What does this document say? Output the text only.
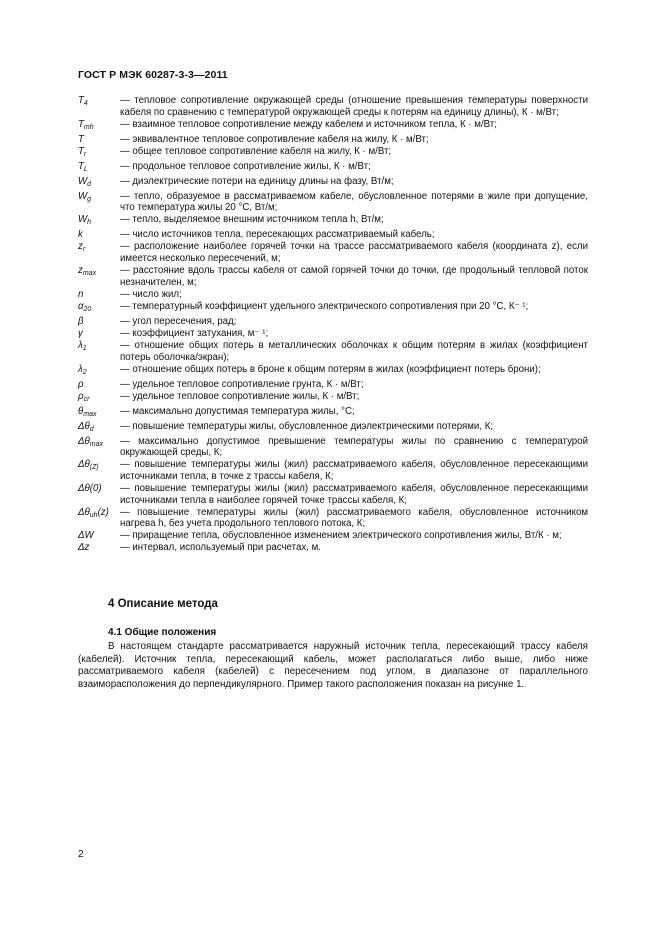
ГОСТ Р МЭК 60287-3-3—2011
$T_4$	— тепловое сопротивление окружающей среды (отношение превышения температуры поверхности кабеля по сравнению с температурой окружающей среды к потерям на единицу длины), К · м/Вт;
$T_{mh}$	— взаимное тепловое сопротивление между кабелем и источником тепла, К · м/Вт;
T	— эквивалентное тепловое сопротивление кабеля на жилу, К · м/Вт;
$T_r$	— общее тепловое сопротивление кабеля на жилу, К · м/Вт;
$T_L$	— продольное тепловое сопротивление жилы, К · м/Вт;
$W_d$	— диэлектрические потери на единицу длины на фазу, Вт/м;
$W_g$	— тепло, образуемое в рассматриваемом кабеле, обусловленное потерями в жиле при допущение, что температура жилы 20 °С, Вт/м;
$W_h$	— тепло, выделяемое внешним источником тепла h, Вт/м;
k	— число источников тепла, пересекающих рассматриваемый кабель;
$z_r$	— расположение наиболее горячей точки на трассе рассматриваемого кабеля (координата z), если имеется несколько пересечений, м;
$z_{max}$	— расстояние вдоль трассы кабеля от самой горячей точки до точки, где продольный тепловой поток незначителен, м;
n	— число жил;
$\alpha_{20}$	— температурный коэффициент удельного электрического сопротивления при 20 °С, К⁻ ¹;
β	— угол пересечения, рад;
γ	— коэффициент затухания, м⁻ ¹;
$\lambda_1$	— отношение общих потерь в металлических оболочках к общим потерям в жилах (коэффициент потерь оболочка/экран);
$\lambda_2$	— отношение общих потерь в броне к общим потерям в жилах (коэффициент потерь брони);
ρ	— удельное тепловое сопротивление грунта, К · м/Вт;
$\rho_{cr}$	— удельное тепловое сопротивление жилы, К · м/Вт;
$\theta_{max}$	— максимально допустимая температура жилы, °С;
$\Delta\theta_d$	— повышение температуры жилы, обусловленное диэлектрическими потерями, К;
$\Delta\theta_{max}$	— максимально допустимое превышение температуры жилы по сравнению с температурой окружающей среды, К;
$\Delta\theta_{(Z)}$	— повышение температуры жилы (жил) рассматриваемого кабеля, обусловленное пересекающими источниками тепла, в точке z трассы кабеля, К;
Δθ(0)	— повышение температуры жилы (жил) рассматриваемого кабеля, обусловленное пересекающими источниками тепла в наиболее горячей точке трассы кабеля, К;
$\Delta\theta_{uh}(z)$	— повышение температуры жилы (жил) рассматриваемого кабеля, обусловленное источником нагрева h, без учета продольного теплового потока, К;
ΔW	— приращение тепла, обусловленное изменением электрического сопротивления жилы, Вт/К · м;
Δz	— интервал, используемый при расчетах, м.
4 Описание метода
4.1 Общие положения
В настоящем стандарте рассматривается наружный источник тепла, пересекающий трассу кабеля (кабелей). Источник тепла, пересекающий кабель, может располагаться либо выше, либо ниже рассматриваемого кабеля (кабелей) с пересечением под углом, в диапазоне от параллельного взаиморасположения до перпендикулярного. Пример такого расположения показан на рисунке 1.
2
